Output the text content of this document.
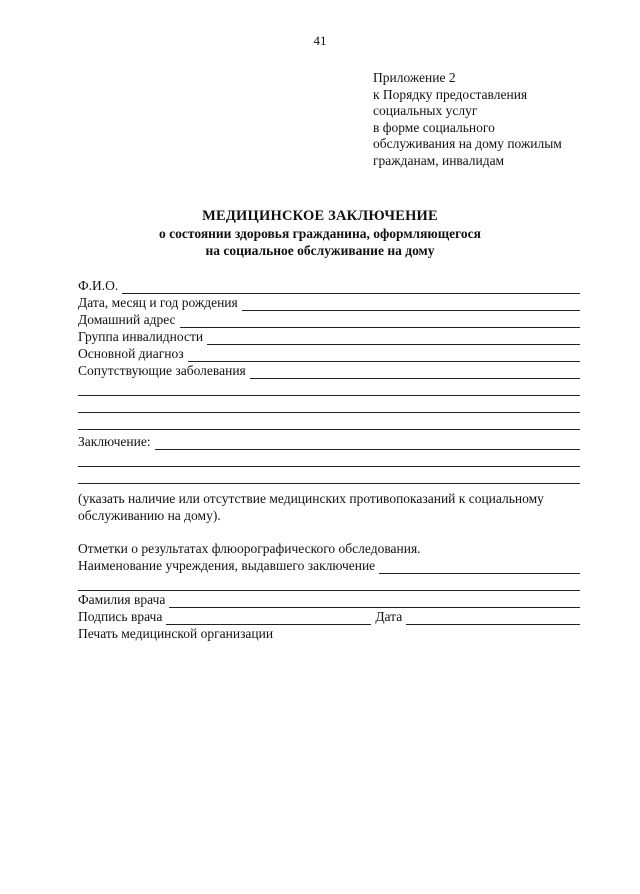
41
Приложение 2
к Порядку предоставления
социальных услуг
в форме социального
обслуживания на дому пожилым
гражданам, инвалидам
МЕДИЦИНСКОЕ ЗАКЛЮЧЕНИЕ
о состоянии здоровья гражданина, оформляющегося
на социальное обслуживание на дому
Ф.И.О.
Дата, месяц и год рождения
Домашний адрес
Группа инвалидности
Основной диагноз
Сопутствующие заболевания
Заключение:
(указать наличие или отсутствие медицинских противопоказаний к социальному обслуживанию на дому).
Отметки о результатах флюорографического обследования.
Наименование учреждения, выдавшего заключение
Фамилия врача
Подпись врача	Дата
Печать медицинской организации
